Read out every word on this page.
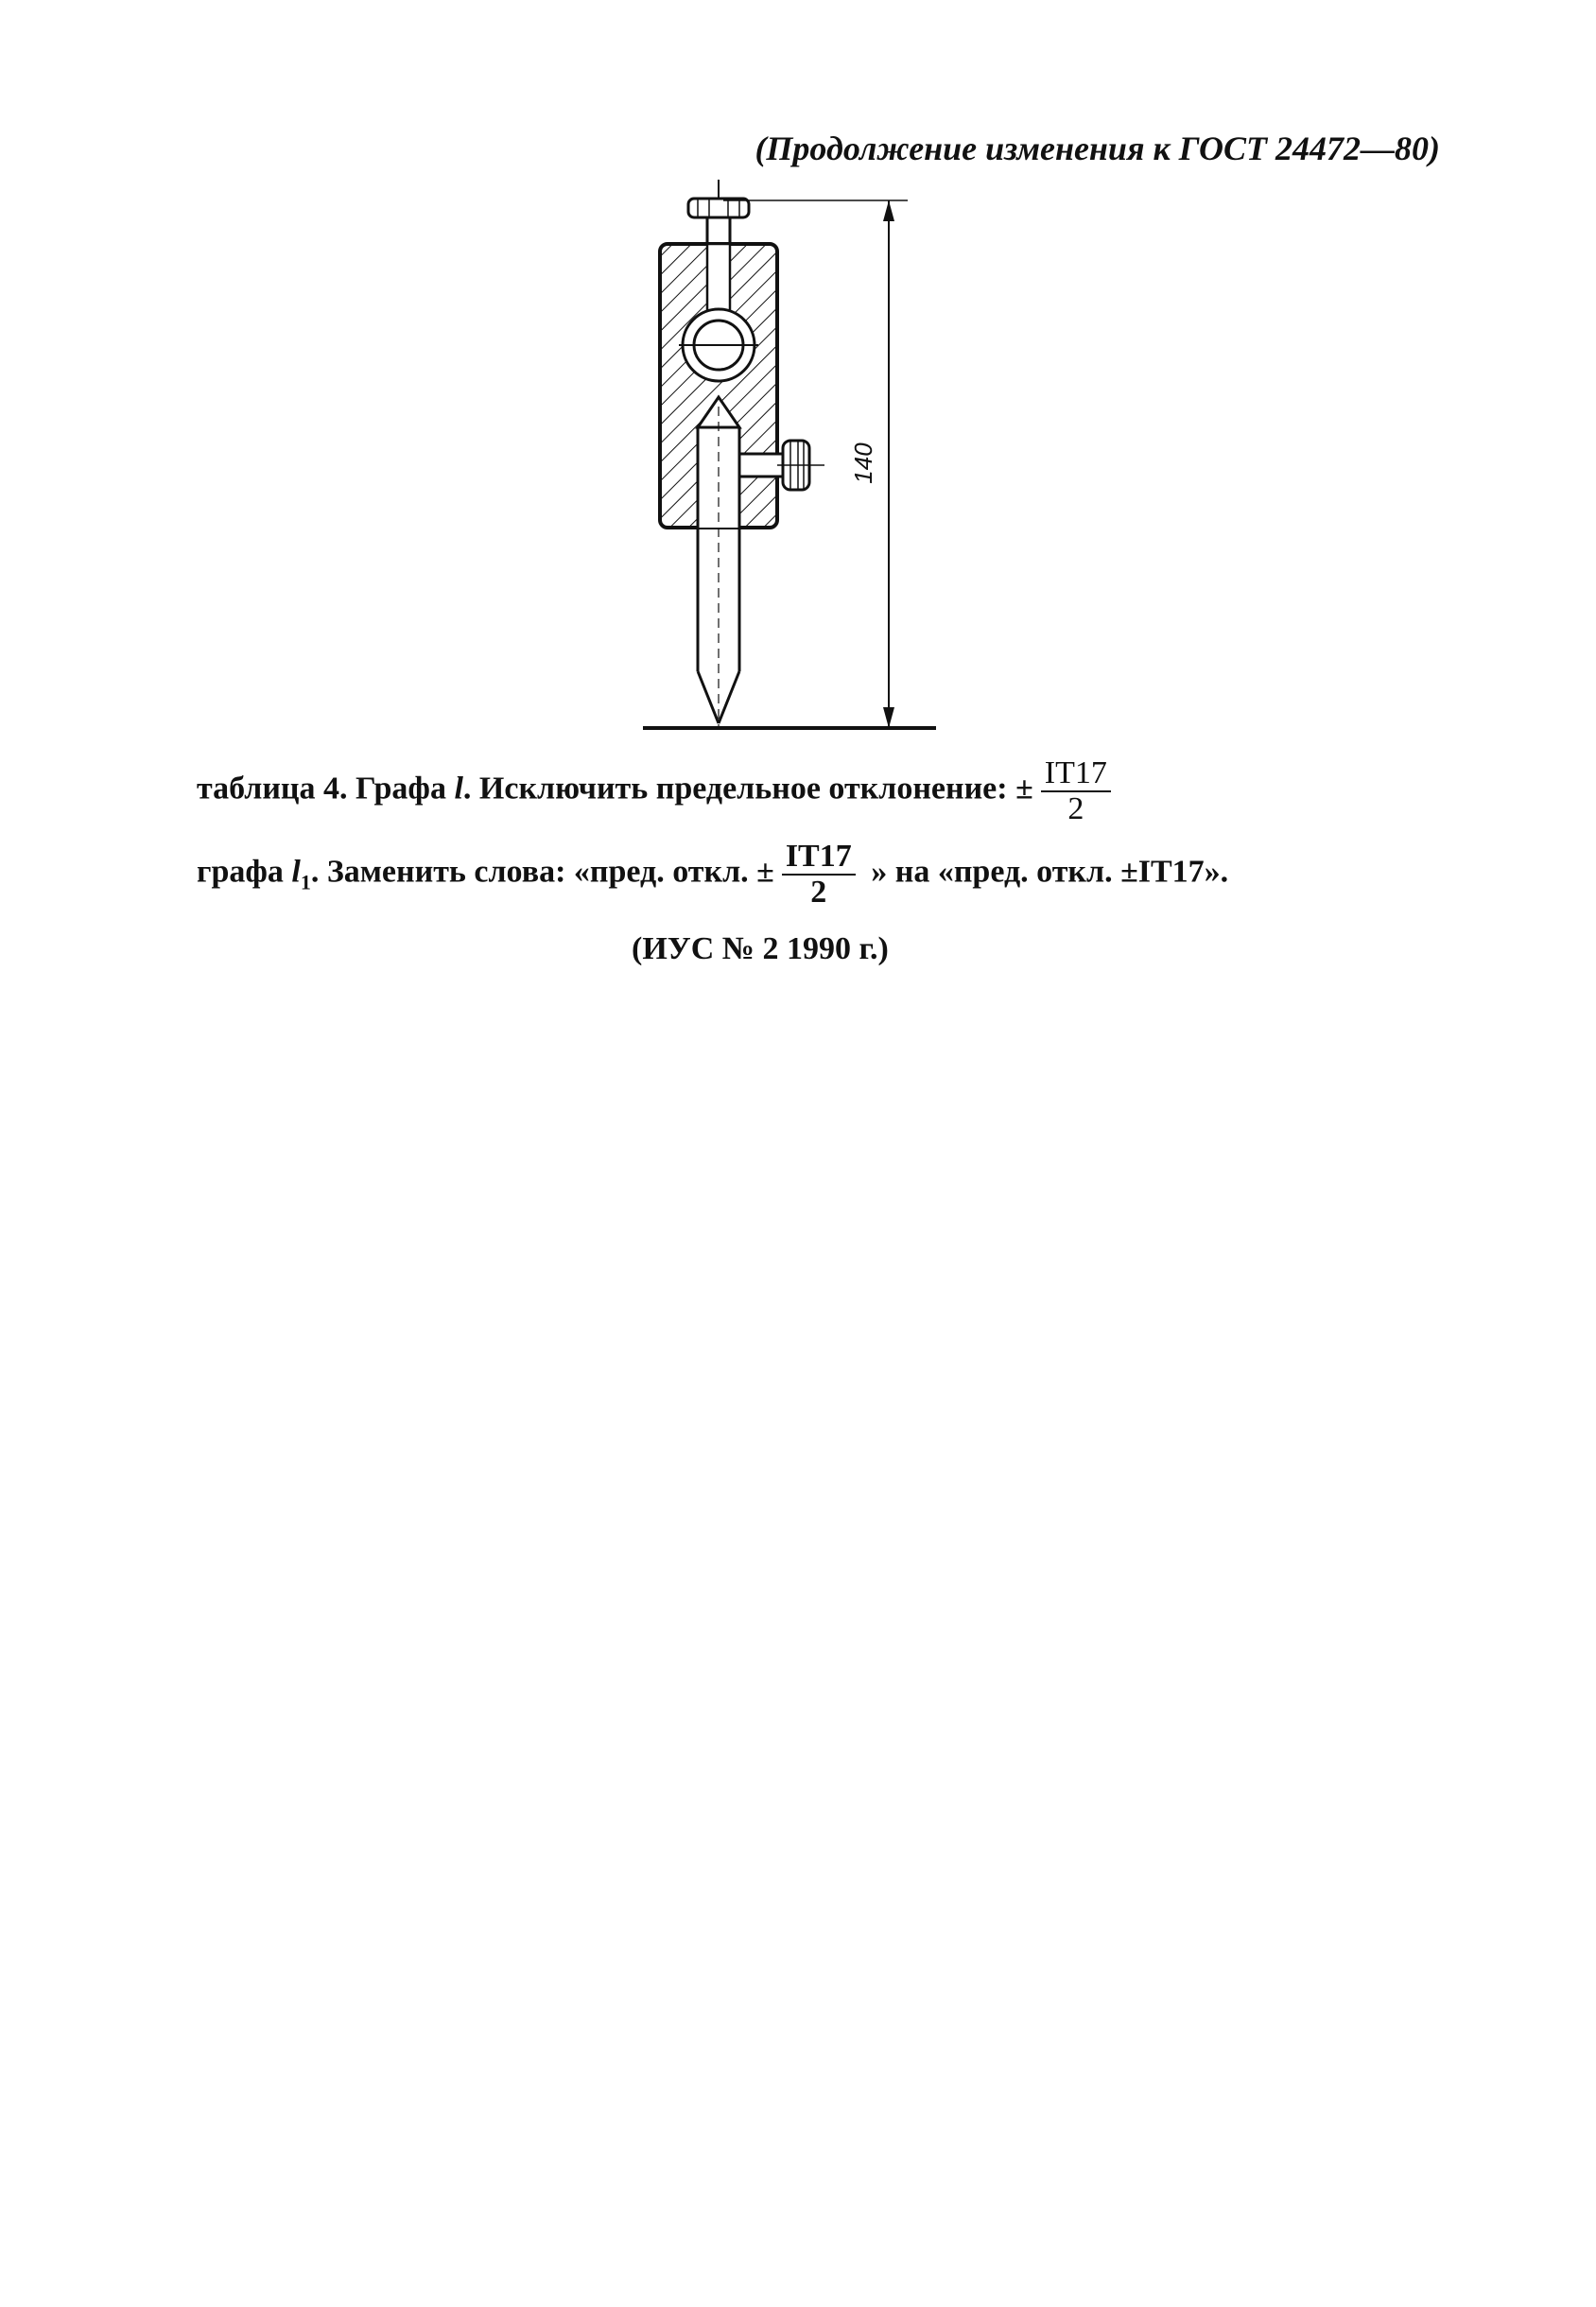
(Продолжение изменения к ГОСТ 24472—80)
140
таблица 4. Графа l. Исключить предельное отклонение: ± $\frac{IT17}{2}$
графа $l_1$. Заменить слова: «пред. откл. ± $\frac{IT17}{2}$ » на «пред. откл. ±IT17».
(ИУС № 2 1990 г.)
